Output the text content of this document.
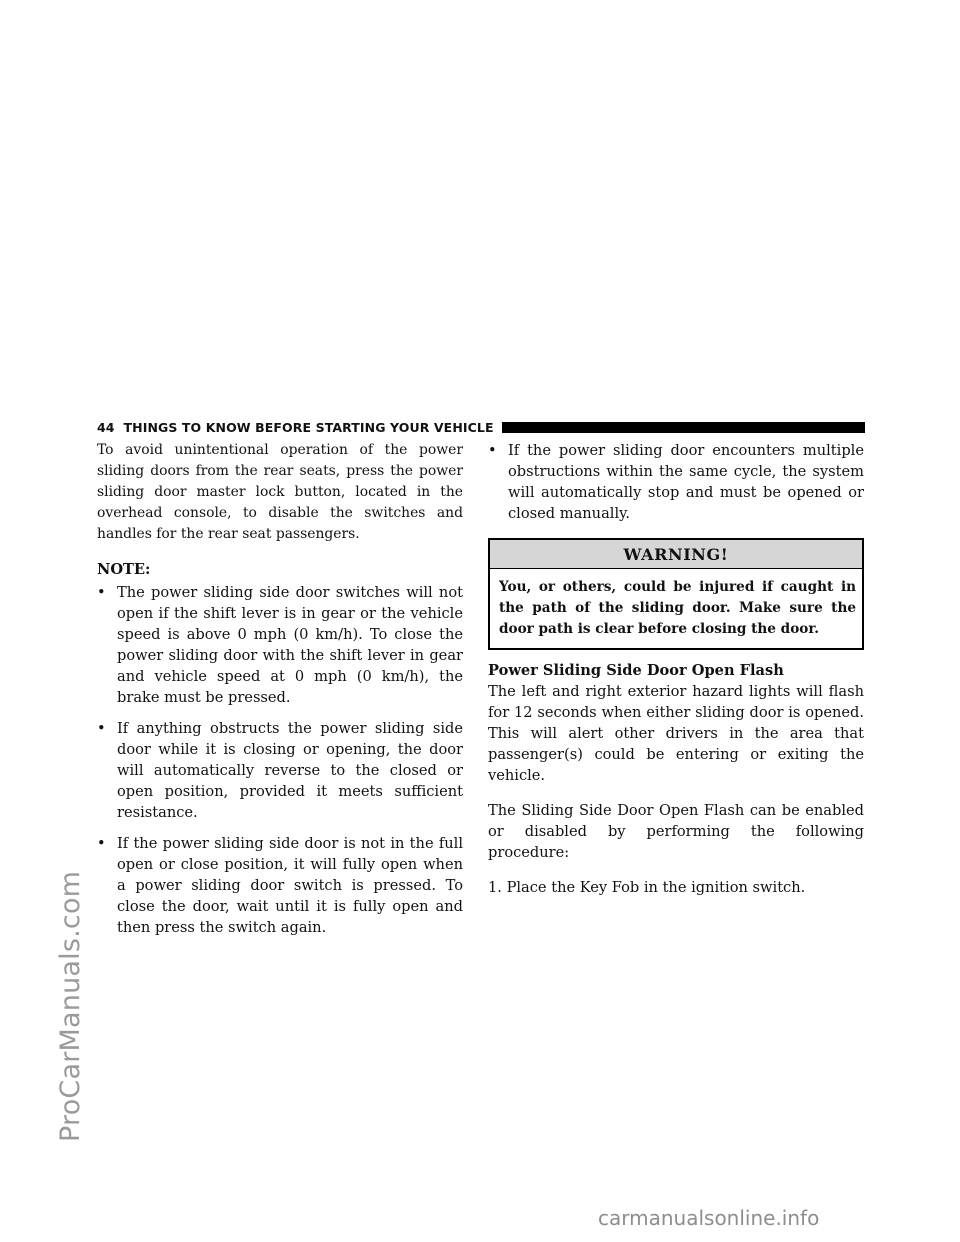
ProCarManuals.com
44 THINGS TO KNOW BEFORE STARTING YOUR VEHICLE

To avoid unintentional operation of the power sliding doors from the rear seats, press the power sliding door master lock button, located in the overhead console, to disable the switches and handles for the rear seat passengers.

NOTE:

• The power sliding side door switches will not open if the shift lever is in gear or the vehicle speed is above 0 mph (0 km/h). To close the power sliding door with the shift lever in gear and vehicle speed at 0 mph (0 km/h), the brake must be pressed.
• If anything obstructs the power sliding side door while it is closing or opening, the door will automatically reverse to the closed or open position, provided it meets sufficient resistance.
• If the power sliding side door is not in the full open or close position, it will fully open when a power sliding door switch is pressed. To close the door, wait until it is fully open and then press the switch again.
• If the power sliding door encounters multiple obstructions within the same cycle, the system will automatically stop and must be opened or closed manually.
WARNING!
You, or others, could be injured if caught in the path of the sliding door. Make sure the door path is clear before closing the door.

Power Sliding Side Door Open Flash

The left and right exterior hazard lights will flash for 12 seconds when either sliding door is opened. This will alert other drivers in the area that passenger(s) could be entering or exiting the vehicle.

The Sliding Side Door Open Flash can be enabled or disabled by performing the following procedure:

1. Place the Key Fob in the ignition switch.

carmanualsonline.info
